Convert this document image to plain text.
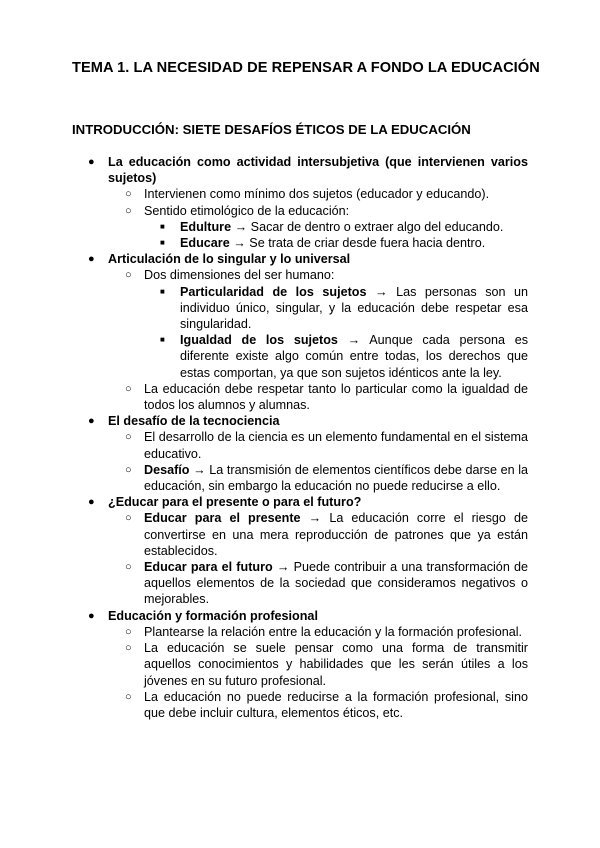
TEMA 1. LA NECESIDAD DE REPENSAR A FONDO LA EDUCACIÓN
INTRODUCCIÓN: SIETE DESAFÍOS ÉTICOS DE LA EDUCACIÓN
● La educación como actividad intersubjetiva (que intervienen varios sujetos)
○ Intervienen como mínimo dos sujetos (educador y educando).
○ Sentido etimológico de la educación:
■ Edulture → Sacar de dentro o extraer algo del educando.
■ Educare → Se trata de criar desde fuera hacia dentro.
● Articulación de lo singular y lo universal
○ Dos dimensiones del ser humano:
■ Particularidad de los sujetos → Las personas son un individuo único, singular, y la educación debe respetar esa singularidad.
■ Igualdad de los sujetos → Aunque cada persona es diferente existe algo común entre todas, los derechos que estas comportan, ya que son sujetos idénticos ante la ley.
○ La educación debe respetar tanto lo particular como la igualdad de todos los alumnos y alumnas.
● El desafío de la tecnociencia
○ El desarrollo de la ciencia es un elemento fundamental en el sistema educativo.
○ Desafío → La transmisión de elementos científicos debe darse en la educación, sin embargo la educación no puede reducirse a ello.
● ¿Educar para el presente o para el futuro?
○ Educar para el presente → La educación corre el riesgo de convertirse en una mera reproducción de patrones que ya están establecidos.
○ Educar para el futuro → Puede contribuir a una transformación de aquellos elementos de la sociedad que consideramos negativos o mejorables.
● Educación y formación profesional
○ Plantearse la relación entre la educación y la formación profesional.
○ La educación se suele pensar como una forma de transmitir aquellos conocimientos y habilidades que les serán útiles a los jóvenes en su futuro profesional.
○ La educación no puede reducirse a la formación profesional, sino que debe incluir cultura, elementos éticos, etc.
